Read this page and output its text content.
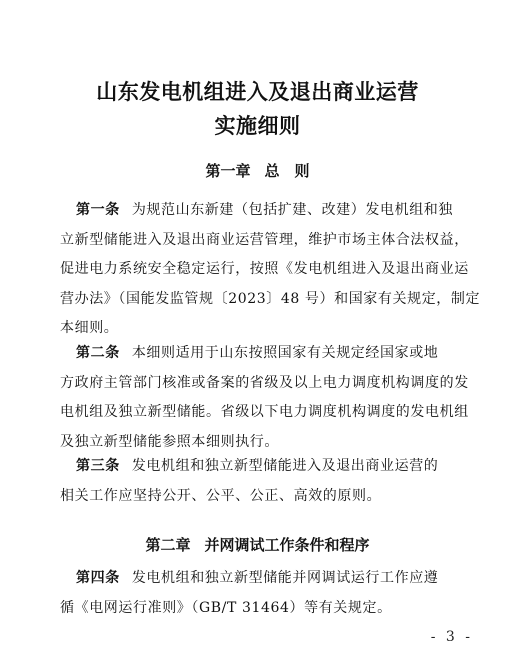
山东发电机组进入及退出商业运营
实施细则
第一章 总　则
第一条 为规范山东新建（包括扩建、改建）发电机组和独
立新型储能进入及退出商业运营管理，维护市场主体合法权益，
促进电力系统安全稳定运行，按照《发电机组进入及退出商业运
营办法》（国能发监管规〔2023〕48 号）和国家有关规定，制定
本细则。
第二条 本细则适用于山东按照国家有关规定经国家或地
方政府主管部门核准或备案的省级及以上电力调度机构调度的发
电机组及独立新型储能。省级以下电力调度机构调度的发电机组
及独立新型储能参照本细则执行。
第三条 发电机组和独立新型储能进入及退出商业运营的
相关工作应坚持公开、公平、公正、高效的原则。
第二章 并网调试工作条件和程序
第四条 发电机组和独立新型储能并网调试运行工作应遵
循《电网运行准则》（GB/T 31464）等有关规定。
- 3 -
